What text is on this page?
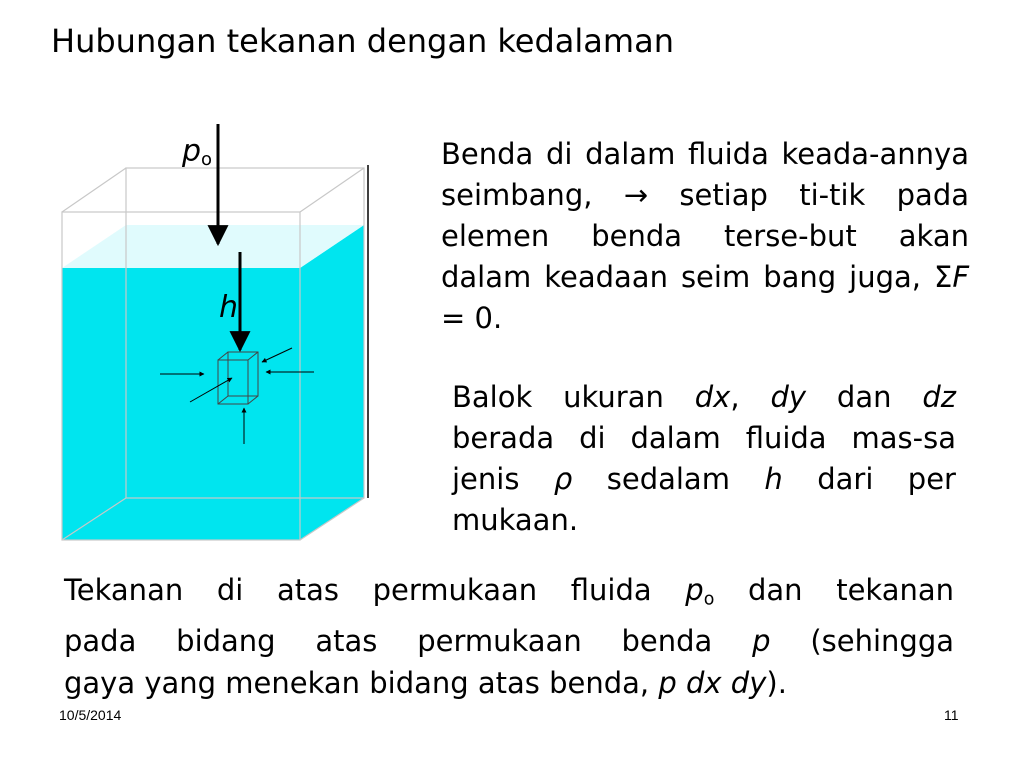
Hubungan tekanan dengan kedalaman
$p_o$
h
Benda di dalam fluida keada-annya seimbang, → setiap ti-tik pada elemen benda terse-but akan dalam keadaan seim bang juga, ΣF = 0.
Balok ukuran dx, dy dan dz berada di dalam fluida mas-sa jenis ρ sedalam h dari per mukaan.
Tekanan di atas permukaan fluida $p_o$ dan tekanan
pada bidang atas permukaan benda p (sehingga
gaya yang menekan bidang atas benda, p dx dy).
10/5/2014	11
